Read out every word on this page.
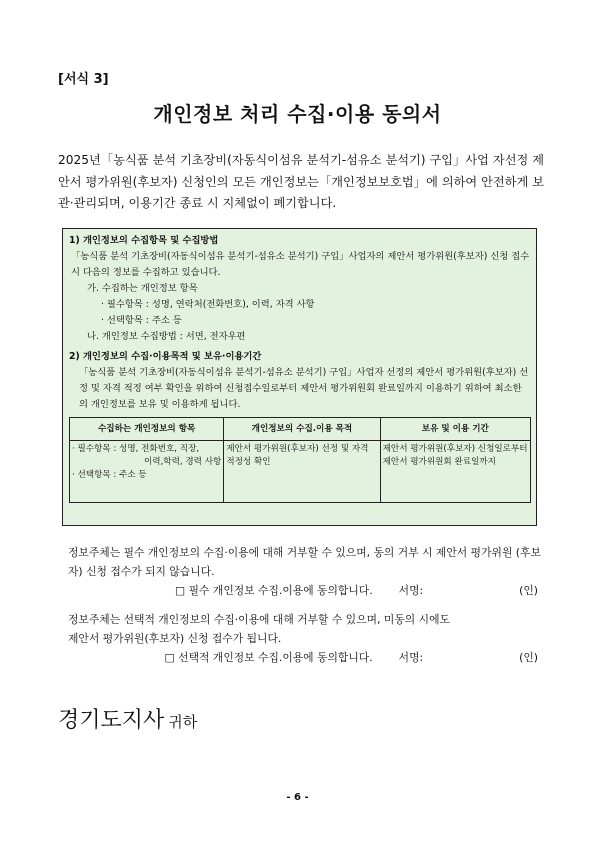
[서식 3]
개인정보 처리 수집·이용 동의서
2025년「농식품 분석 기초장비(자동식이섬유 분석기-섬유소 분석기) 구입」사업 자선정 제안서 평가위원(후보자) 신청인의 모든 개인정보는「개인정보보호법」에 의하여 안전하게 보관·관리되며, 이용기간 종료 시 지체없이 폐기합니다.
1) 개인정보의 수집항목 및 수집방법
「농식품 분석 기초장비(자동식이섬유 분석기-섬유소 분석기) 구입」사업자의 제안서 평가위원(후보자) 신청 접수 시 다음의 정보를 수집하고 있습니다.
가. 수집하는 개인정보 항목
· 필수항목 : 성명, 연락처(전화번호), 이력, 자격 사항
· 선택항목 : 주소 등
나. 개인정보 수집방법 : 서면, 전자우편
2) 개인정보의 수집·이용목적 및 보유·이용기간
「농식품 분석 기초장비(자동식이섬유 분석기-섬유소 분석기) 구입」사업자 선정의 제안서 평가위원(후보자) 선정 및 자격 적정 여부 확인을 위하여 신청접수일로부터 제안서 평가위원회 완료일까지 이용하기 위하여 최소한의 개인정보를 보유 및 이용하게 됩니다.
수집하는 개인정보의 항목	개인정보의 수집.이용 목적	보유 및 이용 기간

· 필수항목 : 성명, 전화번호, 직장,
이력,학력, 경력 사항
· 선택항목 : 주소 등	제안서 평가위원(후보자) 선정 및 자격 적정성 확인	제안서 평가위원(후보자) 신청일로부터 제안서 평가위원회 완료일까지
정보주체는 필수 개인정보의 수집·이용에 대해 거부할 수 있으며, 동의 거부 시 제안서 평가위원 (후보자) 신청 접수가 되지 않습니다.
□ 필수 개인정보 수집.이용에 동의합니다. 서명:	(인)
정보주체는 선택적 개인정보의 수집·이용에 대해 거부할 수 있으며, 미동의 시에도
제안서 평가위원(후보자) 신청 접수가 됩니다.
□ 선택적 개인정보 수집.이용에 동의합니다. 서명:	(인)
경기도지사 귀하
- 6 -
